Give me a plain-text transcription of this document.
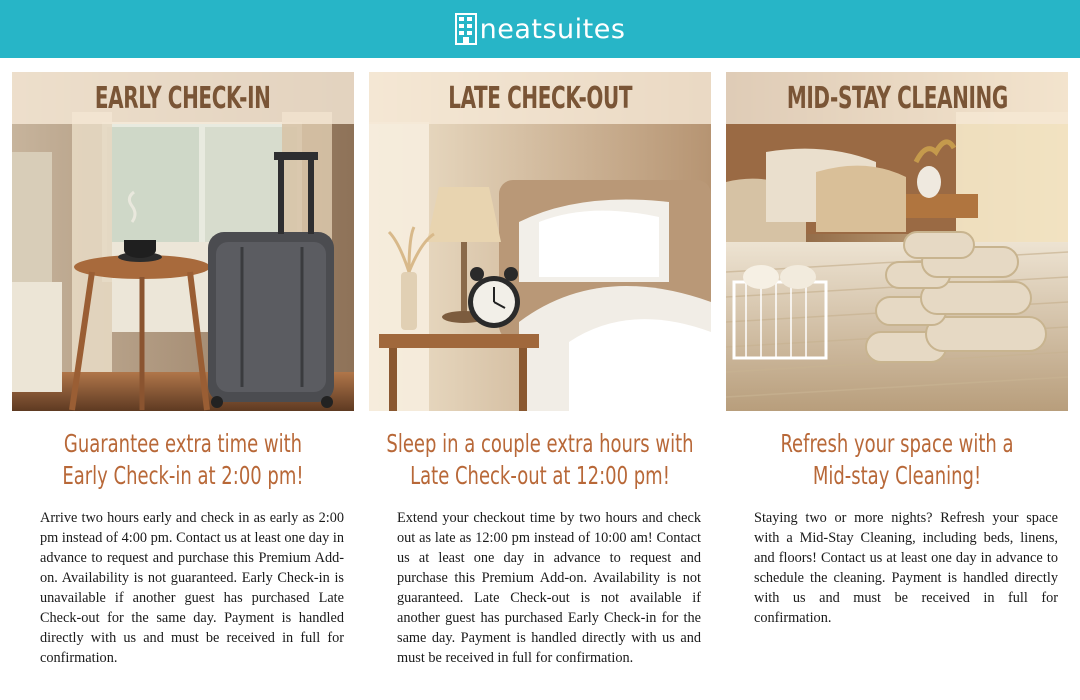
neatsuites
EARLY CHECK-IN
Guarantee extra time with
Early Check-in at 2:00 pm!

Arrive two hours early and check in as early as 2:00 pm instead of 4:00 pm. Contact us at least one day in advance to request and purchase this Premium Add-on. Availability is not guaranteed. Early Check-in is unavailable if another guest has purchased Late Check-out for the same day. Payment is handled directly with us and must be received in full for confirmation.

LATE CHECK-OUT
Sleep in a couple extra hours with
Late Check-out at 12:00 pm!

Extend your checkout time by two hours and check out as late as 12:00 pm instead of 10:00 am! Contact us at least one day in advance to request and purchase this Premium Add-on. Availability is not guaranteed. Late Check-out is not available if another guest has purchased Early Check-in for the same day. Payment is handled directly with us and must be received in full for confirmation.

MID-STAY CLEANING
Refresh your space with a
Mid-stay Cleaning!

Staying two or more nights? Refresh your space with a Mid-Stay Cleaning, including beds, linens, and floors! Contact us at least one day in advance to schedule the cleaning. Payment is handled directly with us and must be received in full for confirmation.
